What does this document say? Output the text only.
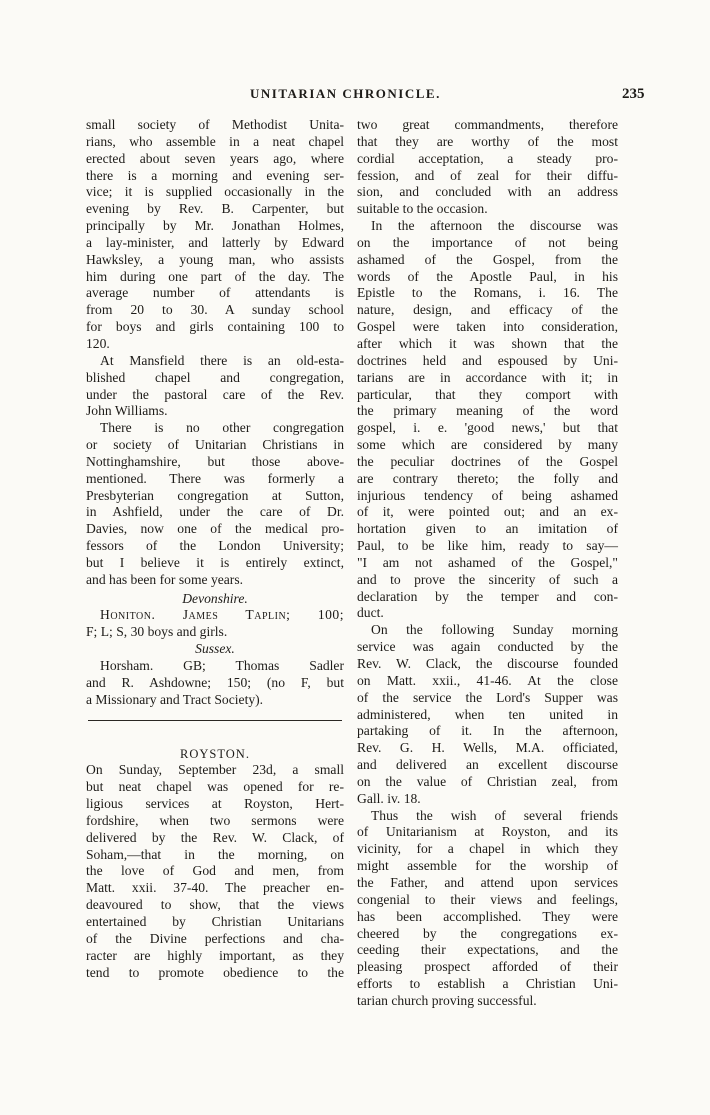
UNITARIAN CHRONICLE.	235
small society of Methodist Unita-
rians, who assemble in a neat chapel
erected about seven years ago, where
there is a morning and evening ser-
vice; it is supplied occasionally in the
evening by Rev. B. Carpenter, but
principally by Mr. Jonathan Holmes,
a lay-minister, and latterly by Edward
Hawksley, a young man, who assists
him during one part of the day. The
average number of attendants is
from 20 to 30. A sunday school
for boys and girls containing 100 to
120.
At Mansfield there is an old-esta-
blished chapel and congregation,
under the pastoral care of the Rev.
John Williams.
There is no other congregation
or society of Unitarian Christians in
Nottinghamshire, but those above-
mentioned. There was formerly a
Presbyterian congregation at Sutton,
in Ashfield, under the care of Dr.
Davies, now one of the medical pro-
fessors of the London University;
but I believe it is entirely extinct,
and has been for some years.
Devonshire.
Honiton. James Taplin; 100;
F; L; S, 30 boys and girls.
Sussex.
Horsham. GB; Thomas Sadler
and R. Ashdowne; 150; (no F, but
a Missionary and Tract Society).
ROYSTON.
On Sunday, September 23d, a small
but neat chapel was opened for re-
ligious services at Royston, Hert-
fordshire, when two sermons were
delivered by the Rev. W. Clack, of
Soham,—that in the morning, on
the love of God and men, from
Matt. xxii. 37-40. The preacher en-
deavoured to show, that the views
entertained by Christian Unitarians
of the Divine perfections and cha-
racter are highly important, as they
tend to promote obedience to the
two great commandments, therefore
that they are worthy of the most
cordial acceptation, a steady pro-
fession, and of zeal for their diffu-
sion, and concluded with an address
suitable to the occasion.
In the afternoon the discourse was
on the importance of not being
ashamed of the Gospel, from the
words of the Apostle Paul, in his
Epistle to the Romans, i. 16. The
nature, design, and efficacy of the
Gospel were taken into consideration,
after which it was shown that the
doctrines held and espoused by Uni-
tarians are in accordance with it; in
particular, that they comport with
the primary meaning of the word
gospel, i. e. 'good news,' but that
some which are considered by many
the peculiar doctrines of the Gospel
are contrary thereto; the folly and
injurious tendency of being ashamed
of it, were pointed out; and an ex-
hortation given to an imitation of
Paul, to be like him, ready to say—
"I am not ashamed of the Gospel,"
and to prove the sincerity of such a
declaration by the temper and con-
duct.
On the following Sunday morning
service was again conducted by the
Rev. W. Clack, the discourse founded
on Matt. xxii., 41-46. At the close
of the service the Lord's Supper was
administered, when ten united in
partaking of it. In the afternoon,
Rev. G. H. Wells, M.A. officiated,
and delivered an excellent discourse
on the value of Christian zeal, from
Gall. iv. 18.
Thus the wish of several friends
of Unitarianism at Royston, and its
vicinity, for a chapel in which they
might assemble for the worship of
the Father, and attend upon services
congenial to their views and feelings,
has been accomplished. They were
cheered by the congregations ex-
ceeding their expectations, and the
pleasing prospect afforded of their
efforts to establish a Christian Uni-
tarian church proving successful.
